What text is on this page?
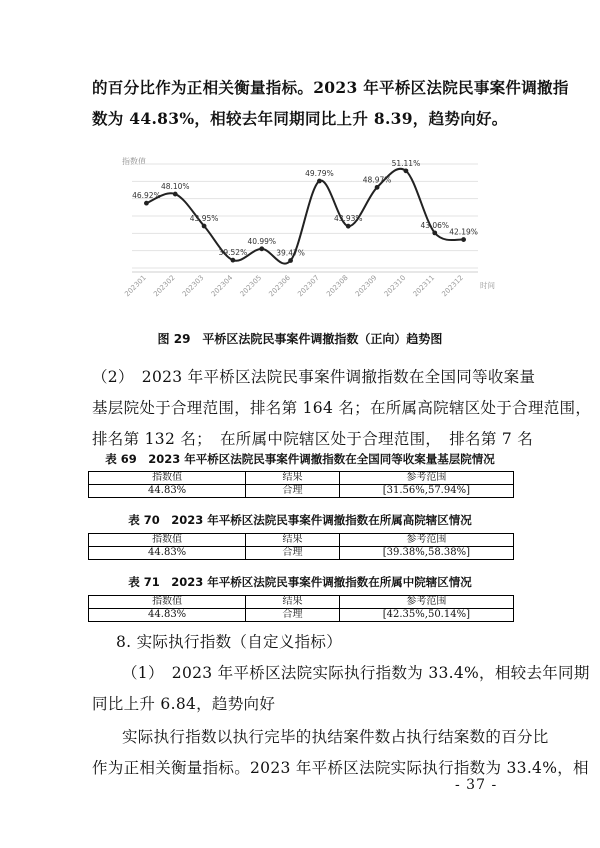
的百分比作为正相关衡量指标。2023 年平桥区法院民事案件调撤指
数为 44.83%，相较去年同期同比上升 8.39，趋势向好。
指数值
46.92%
48.10%
43.95%
39.52%
40.99%
39.47%
49.79%
43.93%
48.97%
51.11%
43.06%
42.19%
202301 202302 202303 202304 202305 202306 202307 202308 202309 202310 202311 202312 时间
图 29　平桥区法院民事案件调撤指数（正向）趋势图
（2）　2023 年平桥区法院民事案件调撤指数在全国同等收案量
基层院处于合理范围，排名第 164 名；在所属高院辖区处于合理范围，
排名第 132 名；　在所属中院辖区处于合理范围，　排名第 7 名
表 69　2023 年平桥区法院民事案件调撤指数在全国同等收案量基层院情况
指数值	结果	参考范围
44.83%	合理	[31.56%,57.94%]
表 70　2023 年平桥区法院民事案件调撤指数在所属高院辖区情况
指数值	结果	参考范围
44.83%	合理	[39.38%,58.38%]
表 71　2023 年平桥区法院民事案件调撤指数在所属中院辖区情况
指数值	结果	参考范围
44.83%	合理	[42.35%,50.14%]
8. 实际执行指数（自定义指标）
（1）　2023 年平桥区法院实际执行指数为 33.4%，相较去年同期
同比上升 6.84，趋势向好
实际执行指数以执行完毕的执结案件数占执行结案数的百分比
作为正相关衡量指标。2023 年平桥区法院实际执行指数为 33.4%，相
- 37 -
